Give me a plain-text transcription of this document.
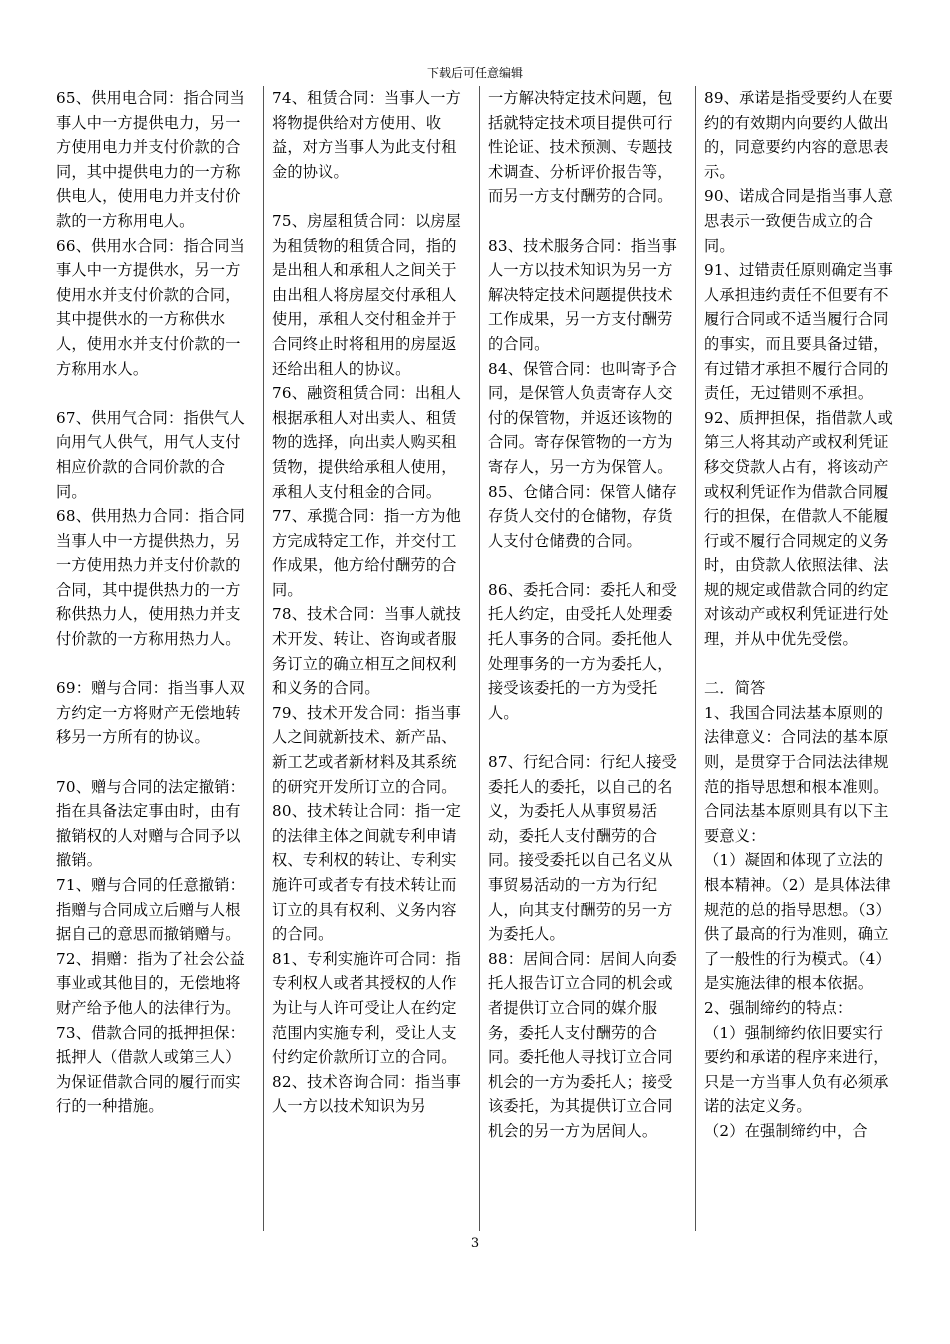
下载后可任意编辑

65、供用电合同：指合同当事人中一方提供电力，另一方使用电力并支付价款的合同，其中提供电力的一方称供电人，使用电力并支付价款的一方称用电人。

66、供用水合同：指合同当事人中一方提供水，另一方使用水并支付价款的合同，其中提供水的一方称供水人，使用水并支付价款的一方称用水人。

67、供用气合同：指供气人向用气人供气，用气人支付相应价款的合同价款的合同。

68、供用热力合同：指合同当事人中一方提供热力，另一方使用热力并支付价款的合同，其中提供热力的一方称供热力人，使用热力并支付价款的一方称用热力人。

69：赠与合同：指当事人双方约定一方将财产无偿地转移另一方所有的协议。

70、赠与合同的法定撤销：指在具备法定事由时，由有撤销权的人对赠与合同予以撤销。

71、赠与合同的任意撤销：指赠与合同成立后赠与人根据自己的意思而撤销赠与。

72、捐赠：指为了社会公益事业或其他目的，无偿地将财产给予他人的法律行为。

73、借款合同的抵押担保：抵押人（借款人或第三人）为保证借款合同的履行而实行的一种措施。

74、租赁合同：当事人一方将物提供给对方使用、收益，对方当事人为此支付租金的协议。

75、房屋租赁合同：以房屋为租赁物的租赁合同，指的是出租人和承租人之间关于由出租人将房屋交付承租人使用，承租人交付租金并于合同终止时将租用的房屋返还给出租人的协议。

76、融资租赁合同：出租人根据承租人对出卖人、租赁物的选择，向出卖人购买租赁物，提供给承租人使用，承租人支付租金的合同。

77、承揽合同：指一方为他方完成特定工作，并交付工作成果，他方给付酬劳的合同。

78、技术合同：当事人就技术开发、转让、咨询或者服务订立的确立相互之间权利和义务的合同。

79、技术开发合同：指当事人之间就新技术、新产品、新工艺或者新材料及其系统的研究开发所订立的合同。

80、技术转让合同：指一定的法律主体之间就专利申请权、专利权的转让、专利实施许可或者专有技术转让而订立的具有权利、义务内容的合同。

81、专利实施许可合同：指专利权人或者其授权的人作为让与人许可受让人在约定范围内实施专利，受让人支付约定价款所订立的合同。

82、技术咨询合同：指当事人一方以技术知识为另

一方解决特定技术问题，包括就特定技术项目提供可行性论证、技术预测、专题技术调查、分析评价报告等，而另一方支付酬劳的合同。

83、技术服务合同：指当事人一方以技术知识为另一方解决特定技术问题提供技术工作成果，另一方支付酬劳的合同。

84、保管合同：也叫寄予合同，是保管人负责寄存人交付的保管物，并返还该物的合同。寄存保管物的一方为寄存人，另一方为保管人。

85、仓储合同：保管人储存存货人交付的仓储物，存货人支付仓储费的合同。

86、委托合同：委托人和受托人约定，由受托人处理委托人事务的合同。委托他人处理事务的一方为委托人，接受该委托的一方为受托人。

87、行纪合同：行纪人接受委托人的委托，以自己的名义，为委托人从事贸易活动，委托人支付酬劳的合同。接受委托以自己名义从事贸易活动的一方为行纪人，向其支付酬劳的另一方为委托人。

88：居间合同：居间人向委托人报告订立合同的机会或者提供订立合同的媒介服务，委托人支付酬劳的合同。委托他人寻找订立合同机会的一方为委托人；接受该委托，为其提供订立合同机会的另一方为居间人。

89、承诺是指受要约人在要约的有效期内向要约人做出的，同意要约内容的意思表示。

90、诺成合同是指当事人意思表示一致便告成立的合同。

91、过错责任原则确定当事人承担违约责任不但要有不履行合同或不适当履行合同的事实，而且要具备过错，有过错才承担不履行合同的责任，无过错则不承担。

92、质押担保，指借款人或第三人将其动产或权利凭证移交贷款人占有，将该动产或权利凭证作为借款合同履行的担保，在借款人不能履行或不履行合同规定的义务时，由贷款人依照法律、法规的规定或借款合同的约定对该动产或权利凭证进行处理，并从中优先受偿。

二．简答

1、我国合同法基本原则的法律意义：合同法的基本原则，是贯穿于合同法法律规范的指导思想和根本准则。合同法基本原则具有以下主要意义：

（1）凝固和体现了立法的根本精神。（2）是具体法律规范的总的指导思想。（3）供了最高的行为准则，确立了一般性的行为模式。（4）是实施法律的根本依据。

2、强制缔约的特点：

（1）强制缔约依旧要实行要约和承诺的程序来进行，只是一方当事人负有必须承诺的法定义务。

（2）在强制缔约中，合

3
